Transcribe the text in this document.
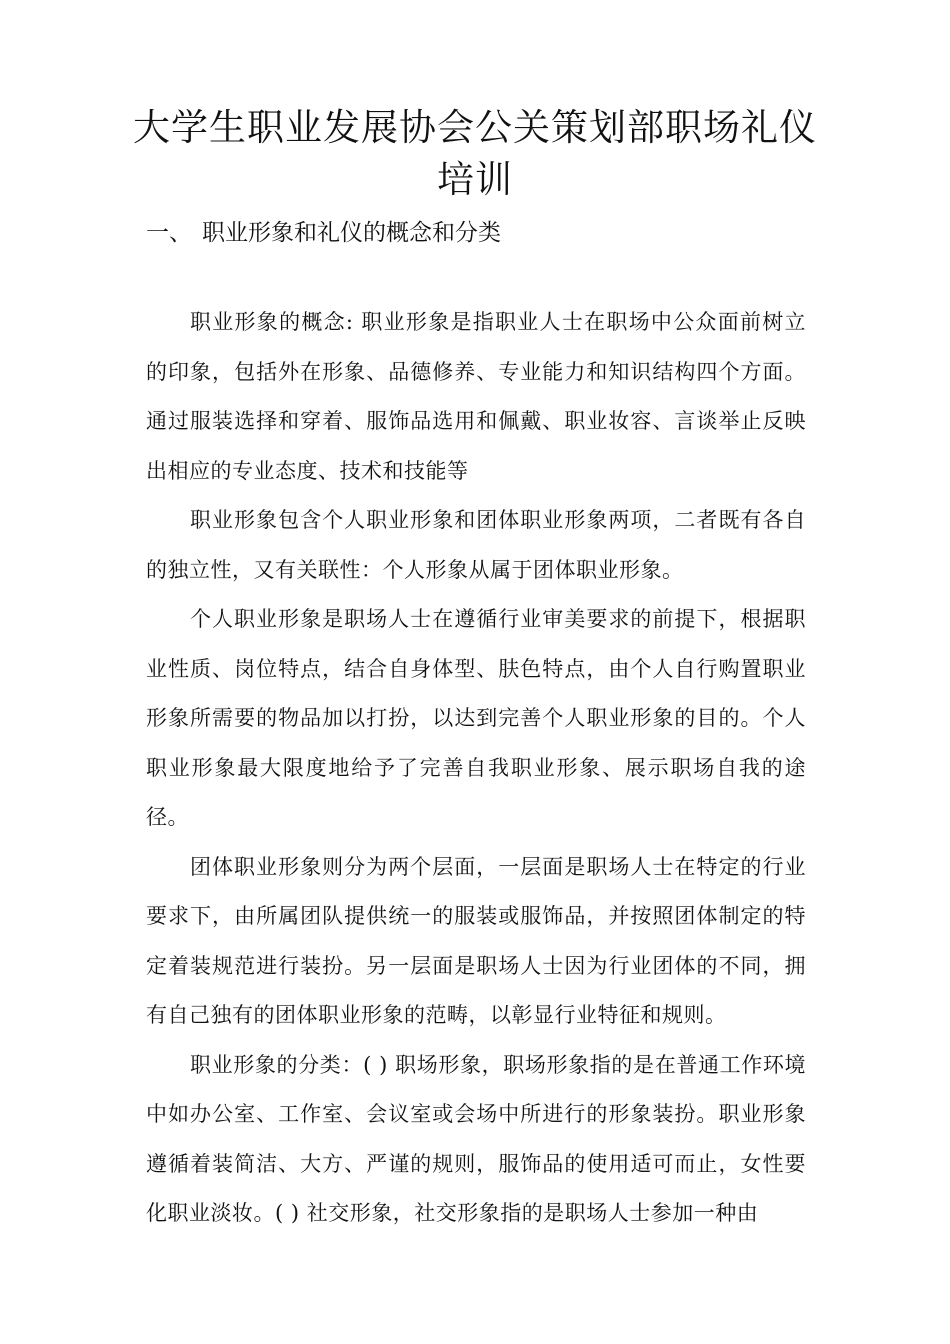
大学生职业发展协会公关策划部职场礼仪
培训
一、 职业形象和礼仪的概念和分类

职业形象的概念: 职业形象是指职业人士在职场中公众面前树立的印象，包括外在形象、品德修养、专业能力和知识结构四个方面。通过服装选择和穿着、服饰品选用和佩戴、职业妆容、言谈举止反映出相应的专业态度、技术和技能等

职业形象包含个人职业形象和团体职业形象两项，二者既有各自的独立性，又有关联性：个人形象从属于团体职业形象。

个人职业形象是职场人士在遵循行业审美要求的前提下，根据职业性质、岗位特点，结合自身体型、肤色特点，由个人自行购置职业形象所需要的物品加以打扮，以达到完善个人职业形象的目的。个人职业形象最大限度地给予了完善自我职业形象、展示职场自我的途径。

团体职业形象则分为两个层面，一层面是职场人士在特定的行业要求下，由所属团队提供统一的服装或服饰品，并按照团体制定的特定着装规范进行装扮。另一层面是职场人士因为行业团体的不同，拥有自己独有的团体职业形象的范畴，以彰显行业特征和规则。

职业形象的分类：( ) 职场形象，职场形象指的是在普通工作环境中如办公室、工作室、会议室或会场中所进行的形象装扮。职业形象遵循着装简洁、大方、严谨的规则，服饰品的使用适可而止，女性要化职业淡妆。( ) 社交形象，社交形象指的是职场人士参加一种由
